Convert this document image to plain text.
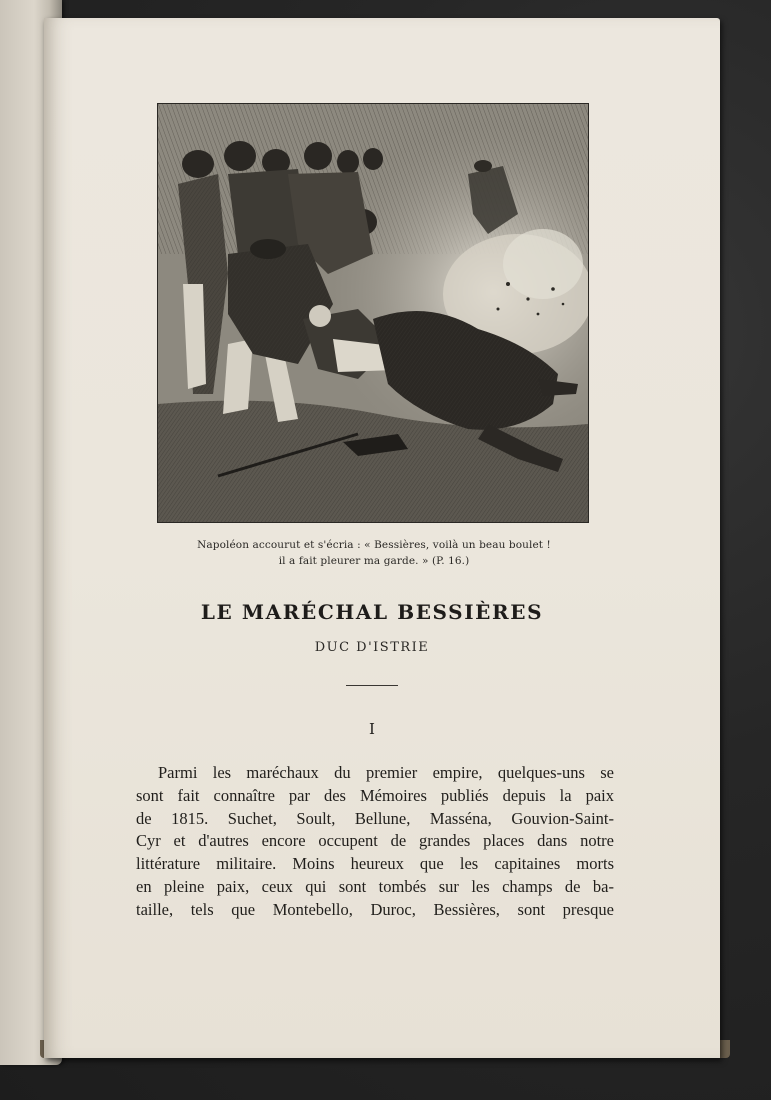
Napoléon accourut et s'écria : « Bessières, voilà un beau boulet !
il a fait pleurer ma garde. » (P. 16.)
LE MARÉCHAL BESSIÈRES
DUC D'ISTRIE
I
Parmi les maréchaux du premier empire, quelques-uns se
sont fait connaître par des Mémoires publiés depuis la paix
de 1815. Suchet, Soult, Bellune, Masséna, Gouvion-Saint-
Cyr et d'autres encore occupent de grandes places dans notre
littérature militaire. Moins heureux que les capitaines morts
en pleine paix, ceux qui sont tombés sur les champs de ba-
taille, tels que Montebello, Duroc, Bessières, sont presque
